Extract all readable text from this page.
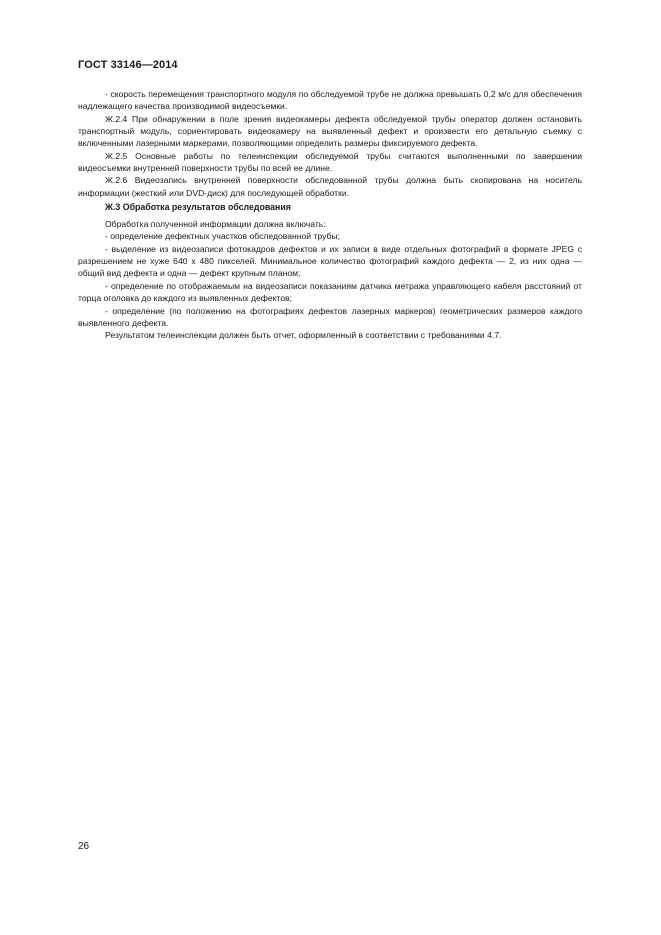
ГОСТ 33146—2014

- скорость перемещения транспортного модуля по обследуемой трубе не должна превышать 0,2 м/с для обеспечения надлежащего качества производимой видеосъемки.

Ж.2.4 При обнаружении в поле зрения видеокамеры дефекта обследуемой трубы оператор должен остановить транспортный модуль, сориентировать видеокамеру на выявленный дефект и произвести его детальную съемку с включенными лазерными маркерами, позволяющими определить размеры фиксируемого дефекта.

Ж.2.5 Основные работы по телеинспекции обследуемой трубы считаются выполненными по завершении видеосъемки внутренней поверхности трубы по всей ее длине.

Ж.2.6 Видеозапись внутренней поверхности обследованной трубы должна быть скопирована на носитель информации (жесткий или DVD-диск) для последующей обработки.

Ж.3 Обработка результатов обследования

Обработка полученной информации должна включать:

- определение дефектных участков обследованной трубы;

- выделение из видеозаписи фотокадров дефектов и их записи в виде отдельных фотографий в формате JPEG с разрешением не хуже 640 х 480 пикселей. Минимальное количество фотографий каждого дефекта — 2, из них одна — общий вид дефекта и одна — дефект крупным планом;

- определение по отображаемым на видеозаписи показаниям датчика метража управляющего кабеля расстояний от торца оголовка до каждого из выявленных дефектов;

- определение (по положению на фотографиях дефектов лазерных маркеров) геометрических размеров каждого выявленного дефекта.

Результатом телеинспекции должен быть отчет, оформленный в соответствии с требованиями 4.7.

26
